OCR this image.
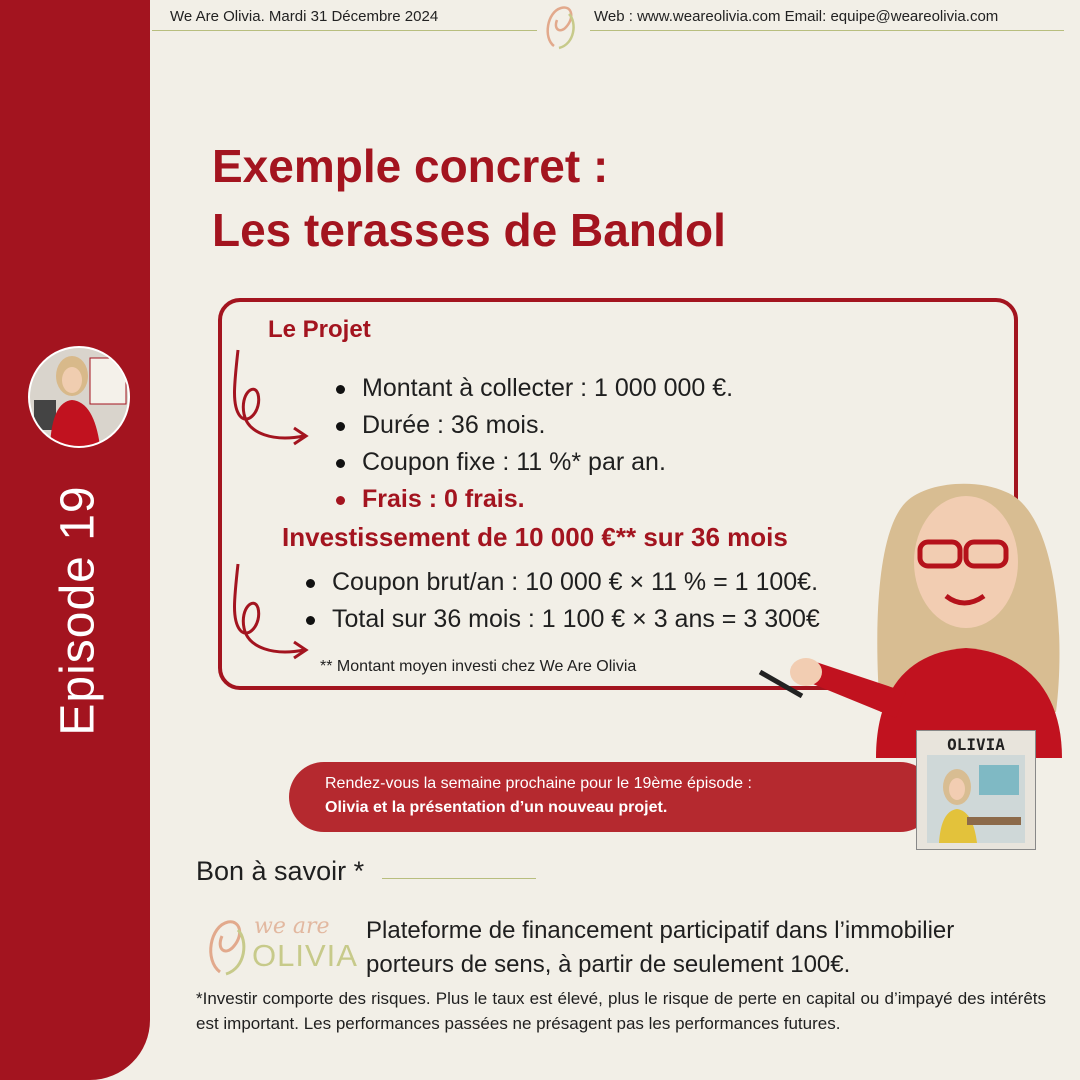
Episode 19
We Are Olivia. Mardi 31 Décembre 2024	Web : www.weareolivia.com Email: equipe@weareolivia.com
Exemple concret :
Les terasses de Bandol
Le Projet
Montant à collecter : 1 000 000 €.
Durée : 36 mois.
Coupon fixe : 11 %* par an.
Frais : 0 frais.
Investissement de 10 000 €** sur 36 mois
Coupon brut/an : 10 000 € × 11 % = 1 100€.
Total sur 36 mois : 1 100 € × 3 ans = 3 300€
** Montant moyen investi chez We Are Olivia
Rendez-vous la semaine prochaine pour le 19ème épisode :
Olivia et la présentation d’un nouveau projet.
OLIVIA
Bon à savoir *
we are
OLIVIA
Plateforme de financement participatif dans l’immobilier porteurs de sens, à partir de seulement 100€.
*Investir comporte des risques. Plus le taux est élevé, plus le risque de perte en capital ou d’impayé des intérêts est important. Les performances passées ne présagent pas les performances futures.
